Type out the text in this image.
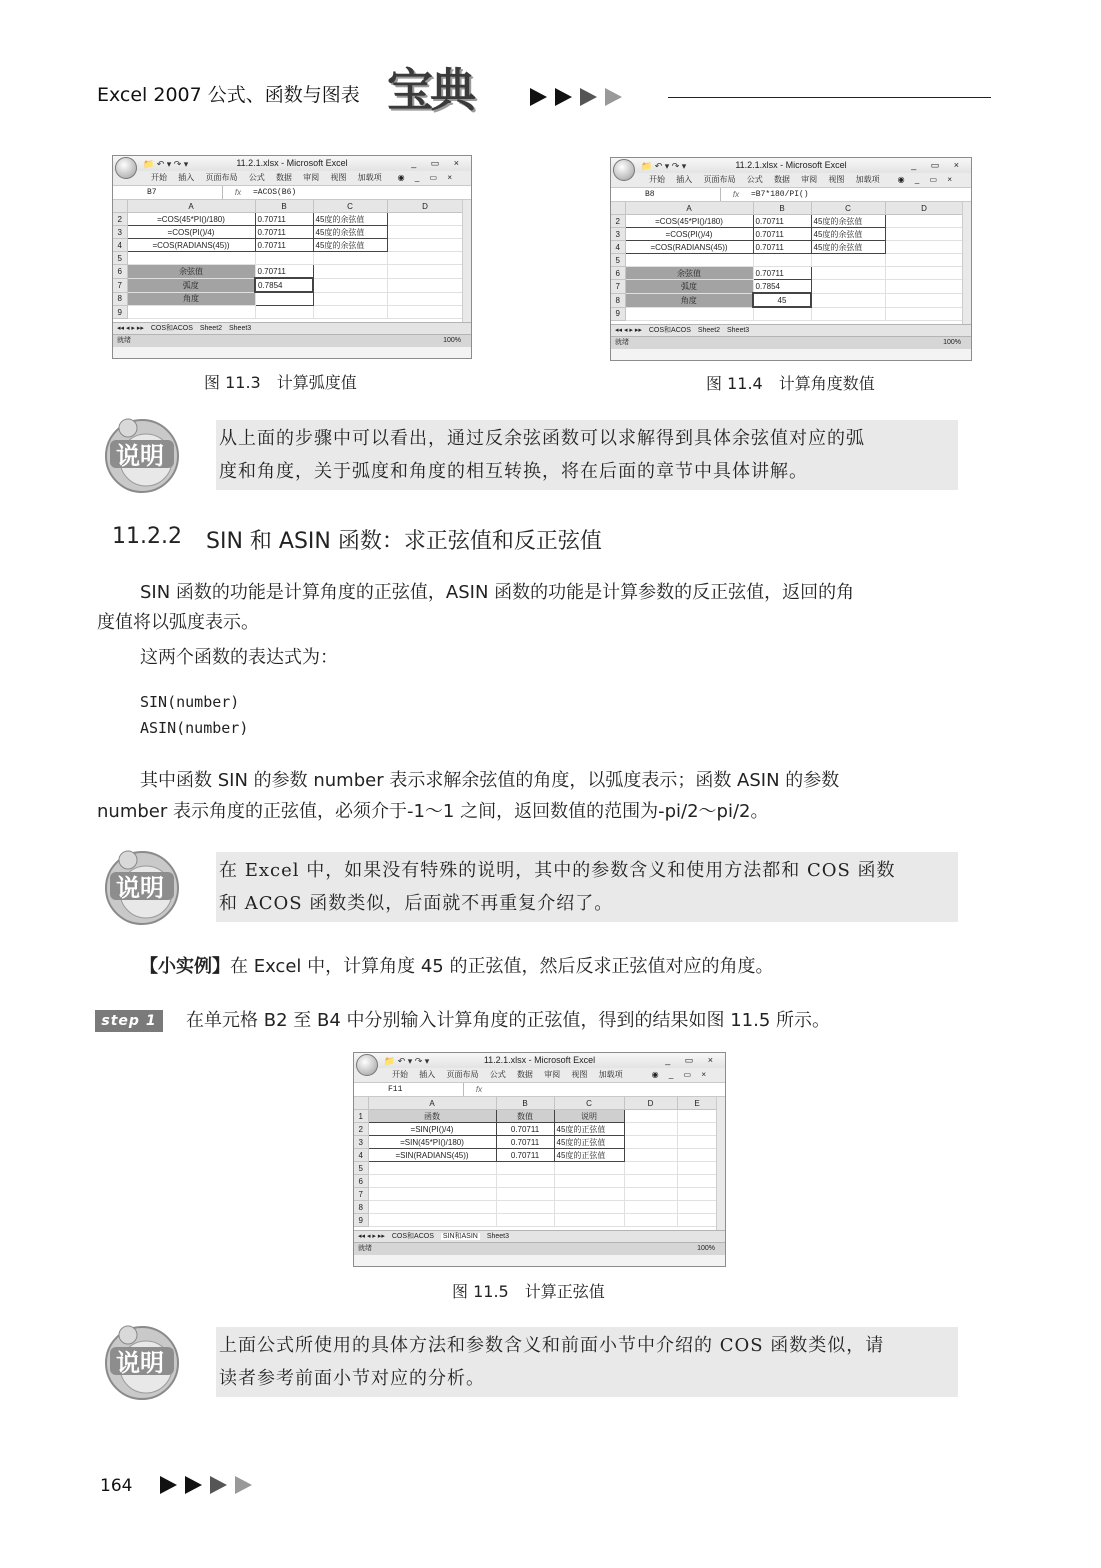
Excel 2007 公式、函数与图表 宝典
📁 ↶ ▾ ↷ ▾	11.2.1.xlsx - Microsoft Excel	_ ▭ ×
开始 插入 页面布局 公式 数据 审阅 视图 加载项 ◉ _ ▭ ×
B7	fx	=ACOS(B6)
	A	B	C	D
2	=COS(45*PI()/180)	0.70711	45度的余弦值	
3	=COS(PI()/4)	0.70711	45度的余弦值	
4	=COS(RADIANS(45))	0.70711	45度的余弦值	
5				
6	余弦值	0.70711		
7	弧度	0.7854		
8	角度			
9				
◂◂ ◂ ▸ ▸▸ COS和ACOS Sheet2 Sheet3
就绪	100%
图 11.3　计算弧度值
📁 ↶ ▾ ↷ ▾	11.2.1.xlsx - Microsoft Excel	_ ▭ ×
开始 插入 页面布局 公式 数据 审阅 视图 加载项 ◉ _ ▭ ×
B8	fx	=B7*180/PI()
	A	B	C	D
2	=COS(45*PI()/180)	0.70711	45度的余弦值	
3	=COS(PI()/4)	0.70711	45度的余弦值	
4	=COS(RADIANS(45))	0.70711	45度的余弦值	
5				
6	余弦值	0.70711		
7	弧度	0.7854		
8	角度	45		
9				
◂◂ ◂ ▸ ▸▸ COS和ACOS Sheet2 Sheet3
就绪	100%
图 11.4　计算角度数值
说明
从上面的步骤中可以看出，通过反余弦函数可以求解得到具体余弦值对应的弧
度和角度，关于弧度和角度的相互转换，将在后面的章节中具体讲解。
11.2.2 SIN 和 ASIN 函数：求正弦值和反正弦值
SIN 函数的功能是计算角度的正弦值，ASIN 函数的功能是计算参数的反正弦值，返回的角
度值将以弧度表示。
这两个函数的表达式为：
SIN(number)
ASIN(number)
其中函数 SIN 的参数 number 表示求解余弦值的角度，以弧度表示；函数 ASIN 的参数
number 表示角度的正弦值，必须介于-1～1 之间，返回数值的范围为-pi/2～pi/2。
说明
在 Excel 中，如果没有特殊的说明，其中的参数含义和使用方法都和 COS 函数
和 ACOS 函数类似，后面就不再重复介绍了。
【小实例】在 Excel 中，计算角度 45 的正弦值，然后反求正弦值对应的角度。
step 1	在单元格 B2 至 B4 中分别输入计算角度的正弦值，得到的结果如图 11.5 所示。
📁 ↶ ▾ ↷ ▾	11.2.1.xlsx - Microsoft Excel	_ ▭ ×
开始 插入 页面布局 公式 数据 审阅 视图 加载项	◉ _ ▭ ×
F11	fx
	A	B	C	D	E
1	函数	数值	说明		
2	=SIN(PI()/4)	0.70711	45度的正弦值		
3	=SIN(45*PI()/180)	0.70711	45度的正弦值		
4	=SIN(RADIANS(45))	0.70711	45度的正弦值		
5					
6					
7					
8					
9					
◂◂ ◂ ▸ ▸▸ COS和ACOS SIN和ASIN Sheet3
就绪	100%
图 11.5　计算正弦值
说明
上面公式所使用的具体方法和参数含义和前面小节中介绍的 COS 函数类似，请
读者参考前面小节对应的分析。
164
